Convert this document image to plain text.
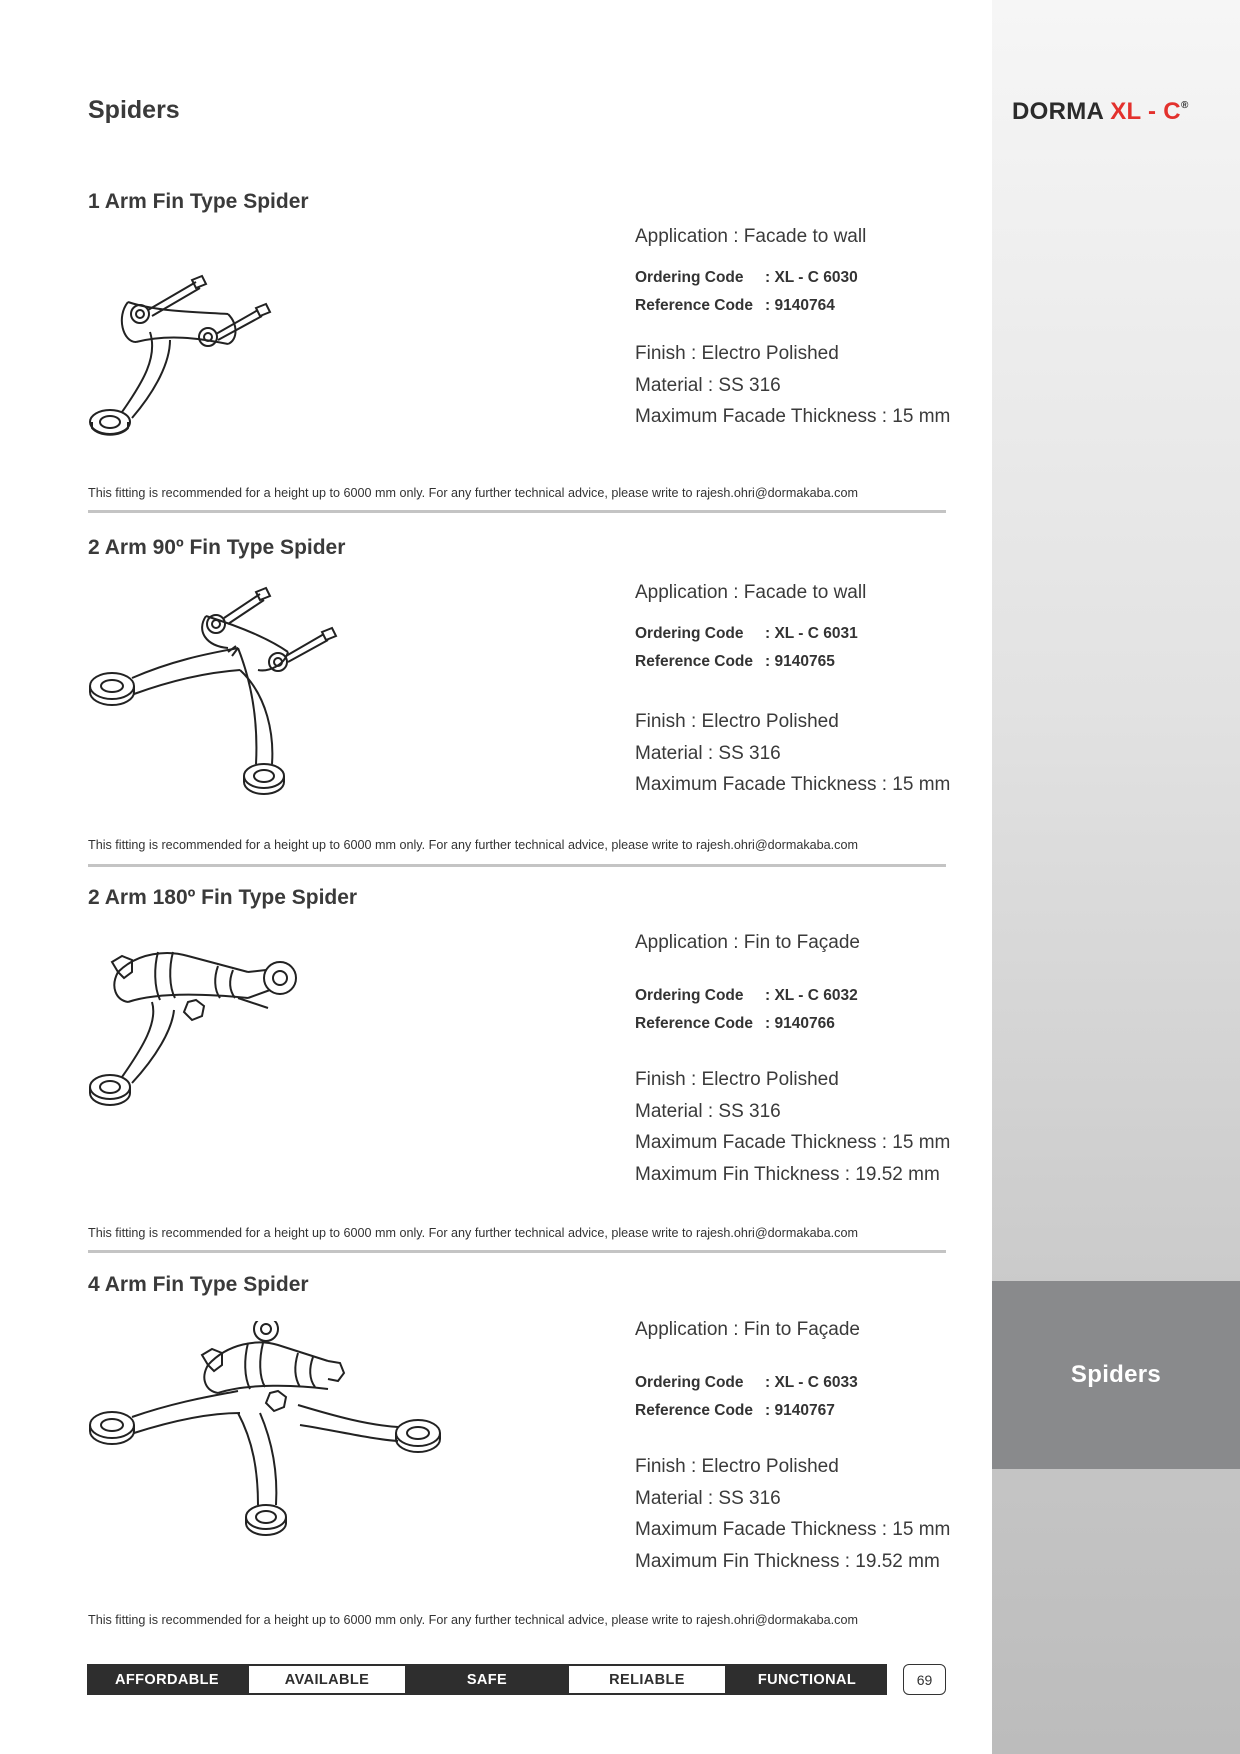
Spiders
Spiders	DORMA XL - C®
1 Arm Fin Type Spider
Application : Facade to wall
Ordering Code : XL - C 6030
Reference Code : 9140764
Finish : Electro Polished
Material : SS 316
Maximum Facade Thickness : 15 mm
This fitting is recommended for a height up to 6000 mm only. For any further technical advice, please write to rajesh.ohri@dormakaba.com
2 Arm 90º Fin Type Spider
Application : Facade to wall
Ordering Code : XL - C 6031
Reference Code : 9140765
Finish : Electro Polished
Material : SS 316
Maximum Facade Thickness : 15 mm
This fitting is recommended for a height up to 6000 mm only. For any further technical advice, please write to rajesh.ohri@dormakaba.com
2 Arm 180º Fin Type Spider
Application : Fin to Façade
Ordering Code : XL - C 6032
Reference Code : 9140766
Finish : Electro Polished
Material : SS 316
Maximum Facade Thickness : 15 mm
Maximum Fin Thickness : 19.52 mm
This fitting is recommended for a height up to 6000 mm only. For any further technical advice, please write to rajesh.ohri@dormakaba.com
4 Arm Fin Type Spider
Application : Fin to Façade
Ordering Code : XL - C 6033
Reference Code : 9140767
Finish : Electro Polished
Material : SS 316
Maximum Facade Thickness : 15 mm
Maximum Fin Thickness : 19.52 mm
This fitting is recommended for a height up to 6000 mm only. For any further technical advice, please write to rajesh.ohri@dormakaba.com
AFFORDABLE	AVAILABLE	SAFE	RELIABLE	FUNCTIONAL	69
